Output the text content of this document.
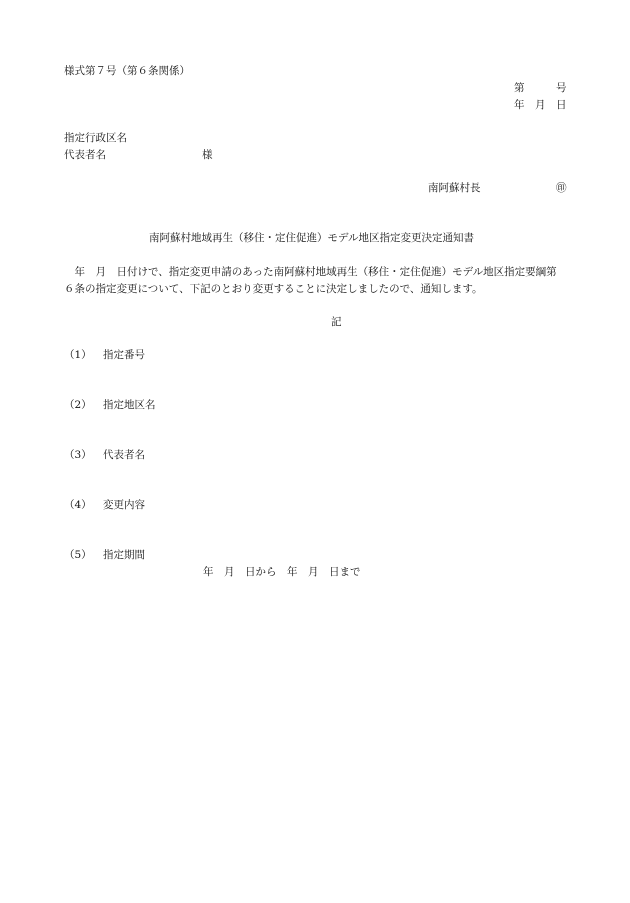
様式第７号（第６条関係）
第　　　号
年　月　日
指定行政区名
代表者名	様
南阿蘇村長	㊞
南阿蘇村地域再生（移住・定住促進）モデル地区指定変更決定通知書
　年　月　日付けで、指定変更申請のあった南阿蘇村地域再生（移住・定住促進）モデル地区指定要綱第
６条の指定変更について、下記のとおり変更することに決定しましたので、通知します。
記
（1） 指定番号
（2） 指定地区名
（3） 代表者名
（4） 変更内容
（5） 指定期間
年　月　日から　年　月　日まで
